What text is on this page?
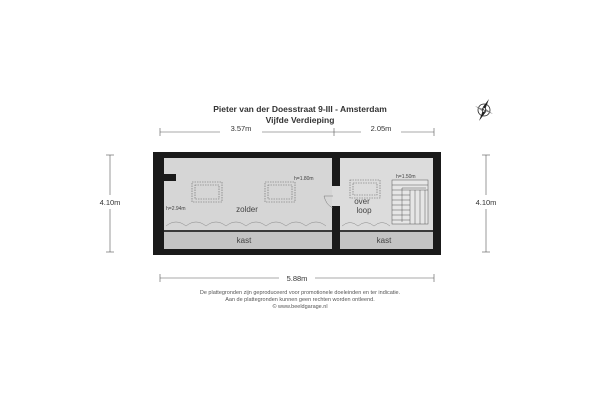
Pieter van der Doesstraat 9-III - Amsterdam
Vijfde Verdieping
N
3.57m	2.05m
4.10m	4.10m
5.88m
h=1.80m
h=2.94m
h=1.50m
zolder
over
loop
kast	kast
De plattegronden zijn geproduceerd voor promotionele doeleinden en ter indicatie.
Aan de plattegronden kunnen geen rechten worden ontleend.
© www.beeldgarage.nl
